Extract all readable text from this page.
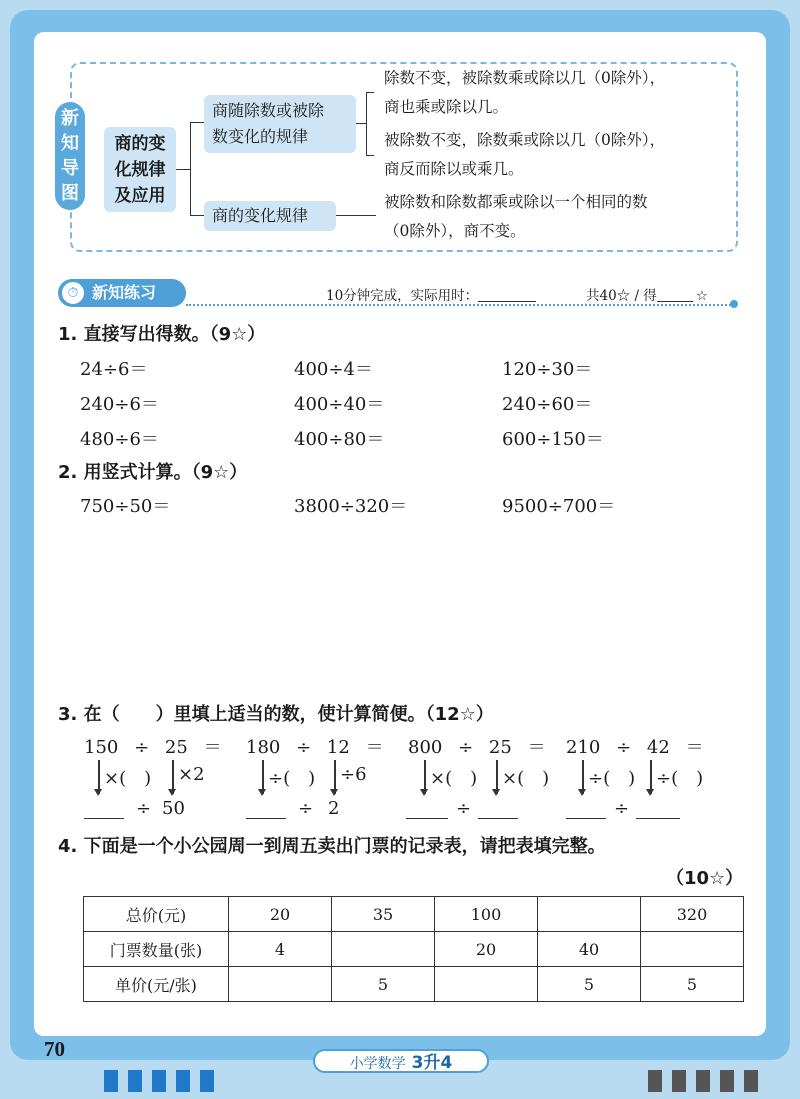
新
知
导
图
商的变
化规律
及应用
商随除数或被除
数变化的规律
除数不变，被除数乘或除以几（0除外），
商也乘或除以几。
被除数不变，除数乘或除以几（0除外），
商反而除以或乘几。
商的变化规律
被除数和除数都乘或除以一个相同的数
（0除外），商不变。
新知练习
⏱	10分钟完成，实际用时：	共40☆ / 得	☆
1. 直接写出得数。（9☆）
24÷6＝	400÷4＝	120÷30＝
240÷6＝	400÷40＝	240÷60＝
480÷6＝	400÷80＝	600÷150＝
2. 用竖式计算。（9☆）
750÷50＝	3800÷320＝	9500÷700＝
3. 在（　　）里填上适当的数，使计算简便。（12☆）
150 ÷ 25 ＝
×(　) ×2
÷ 50
180 ÷ 12 ＝
÷(　) ÷6
÷ 2
800 ÷ 25 ＝
×(　) ×(　)
÷
210 ÷ 42 ＝
÷(　) ÷(　)
÷
4. 下面是一个小公园周一到周五卖出门票的记录表，请把表填完整。
（10☆）
总价(元)	20	35	100		320
门票数量(张)	4		20	40	
单价(元/张)		5		5	5
70
小学数学 3升4
